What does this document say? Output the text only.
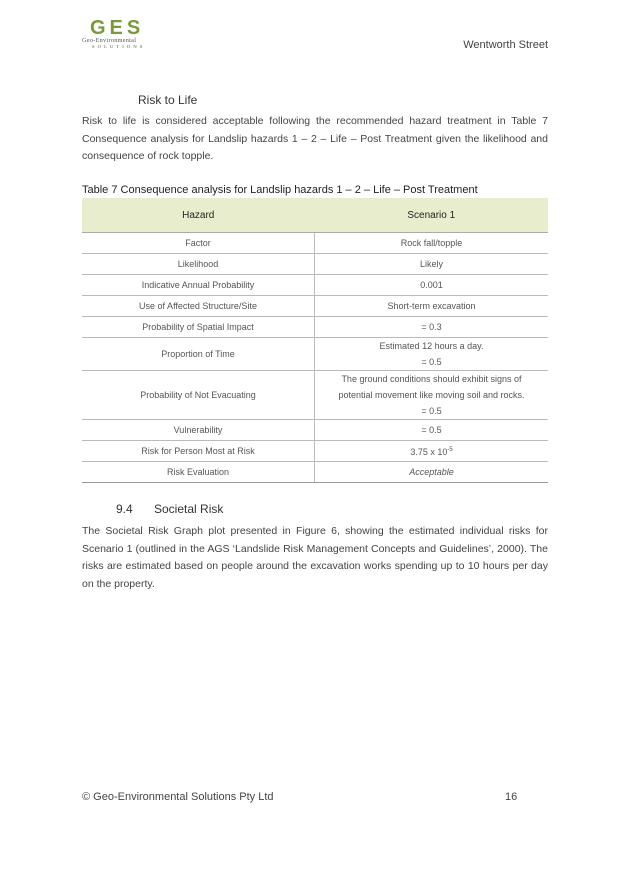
GES
Geo-Environmental
SOLUTIONS	Wentworth Street
Risk to Life

Risk to life is considered acceptable following the recommended hazard treatment in Table 7 Consequence analysis for Landslip hazards 1 – 2 – Life – Post Treatment given the likelihood and consequence of rock topple.

Table 7 Consequence analysis for Landslip hazards 1 – 2 – Life – Post Treatment
Hazard	Scenario 1
Factor	Rock fall/topple

Likelihood	Likely

Indicative Annual Probability	0.001

Use of Affected Structure/Site	Short-term excavation

Probability of Spatial Impact	= 0.3

Proportion of Time	Estimated 12 hours a day.
= 0.5

Probability of Not Evacuating	The ground conditions should exhibit signs of
potential movement like moving soil and rocks.
= 0.5

Vulnerability	= 0.5

Risk for Person Most at Risk	3.75 x $10^{-5}$
Risk Evaluation	Acceptable
9.4 Societal Risk

The Societal Risk Graph plot presented in Figure 6, showing the estimated individual risks for Scenario 1 (outlined in the AGS ‘Landslide Risk Management Concepts and Guidelines’, 2000). The risks are estimated based on people around the excavation works spending up to 10 hours per day on the property.

© Geo-Environmental Solutions Pty Ltd	16
